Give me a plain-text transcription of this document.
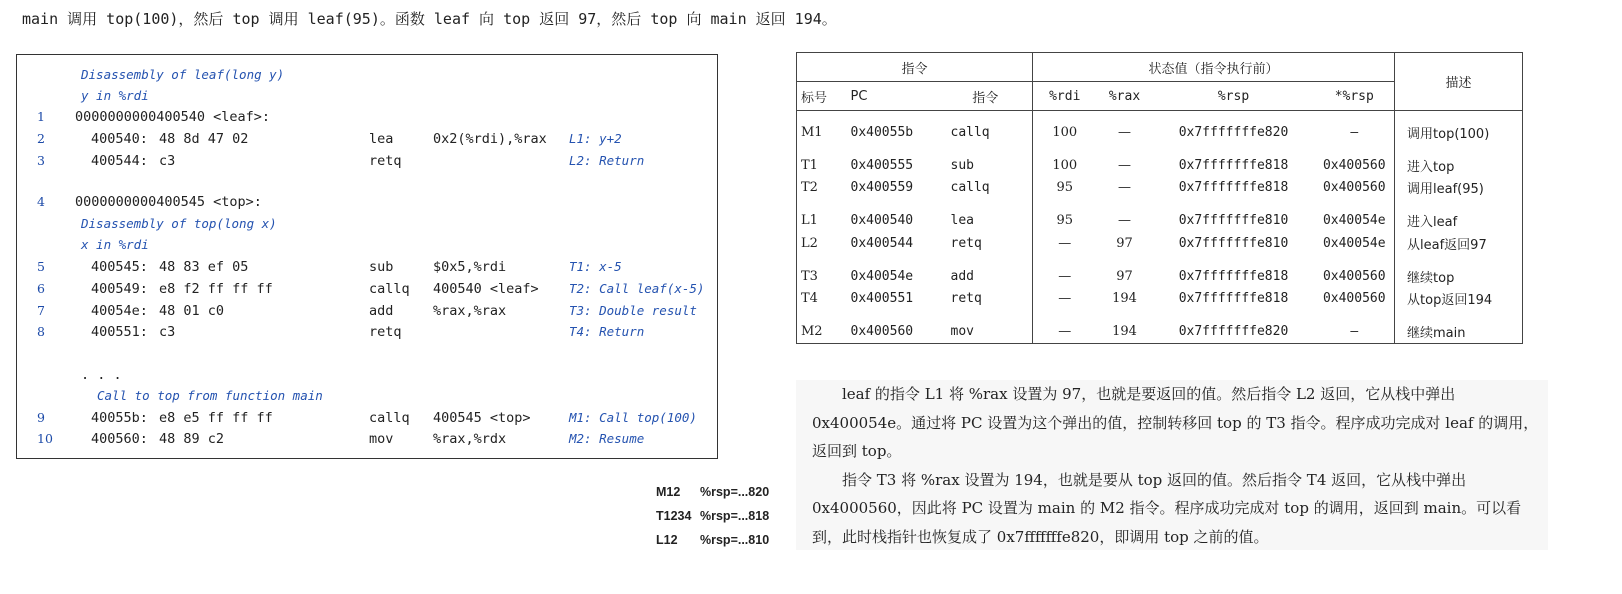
main 调用 top(100)，然后 top 调用 leaf(95)。函数 leaf 向 top 返回 97，然后 top 向 main 返回 194。
Disassembly of leaf(long y)
y in %rdi
1 0000000000400540 <leaf>:
2	400540: 48 8d 47 02	lea	0x2(%rdi),%rax L1: y+2
3	400544: c3	retq	L2: Return
4 0000000000400545 <top>:
Disassembly of top(long x)
x in %rdi
5	400545: 48 83 ef 05	sub	$0x5,%rdi	T1: x-5
6	400549: e8 f2 ff ff ff	callq 400540 <leaf> T2: Call leaf(x-5)
7	40054e: 48 01 c0	add	%rax,%rax	T3: Double result
8	400551: c3	retq	T4: Return
. . .
Call to top from function main
9	40055b: e8 e5 ff ff ff	callq 400545 <top>	M1: Call top(100)
10	400560: 48 89 c2	mov	%rax,%rdx	M2: Resume
指令			状态值（指令执行前）				描述
标号	PC	指令	%rdi	%rax	%rsp	*%rsp	
M1	0x40055b	callq	100	—	0x7fffffffe820	—	调用top(100)
T1	0x400555	sub	100	—	0x7fffffffe818	0x400560	进入top
T2	0x400559	callq	95	—	0x7fffffffe818	0x400560	调用leaf(95)
L1	0x400540	lea	95	—	0x7fffffffe810	0x40054e	进入leaf
L2	0x400544	retq	—	97	0x7fffffffe810	0x40054e	从leaf返回97
T3	0x40054e	add	—	97	0x7fffffffe818	0x400560	继续top
T4	0x400551	retq	—	194	0x7fffffffe818	0x400560	从top返回194
M2	0x400560	mov	—	194	0x7fffffffe820	—	继续main
M12 %rsp=...820
T1234 %rsp=...818
L12 %rsp=...810

leaf 的指令 L1 将 %rax 设置为 97，也就是要返回的值。然后指令 L2 返回，它从栈中弹出 0x400054e。通过将 PC 设置为这个弹出的值，控制转移回 top 的 T3 指令。程序成功完成对 leaf 的调用，返回到 top。

指令 T3 将 %rax 设置为 194，也就是要从 top 返回的值。然后指令 T4 返回，它从栈中弹出 0x4000560，因此将 PC 设置为 main 的 M2 指令。程序成功完成对 top 的调用，返回到 main。可以看到，此时栈指针也恢复成了 0x7fffffffe820，即调用 top 之前的值。
